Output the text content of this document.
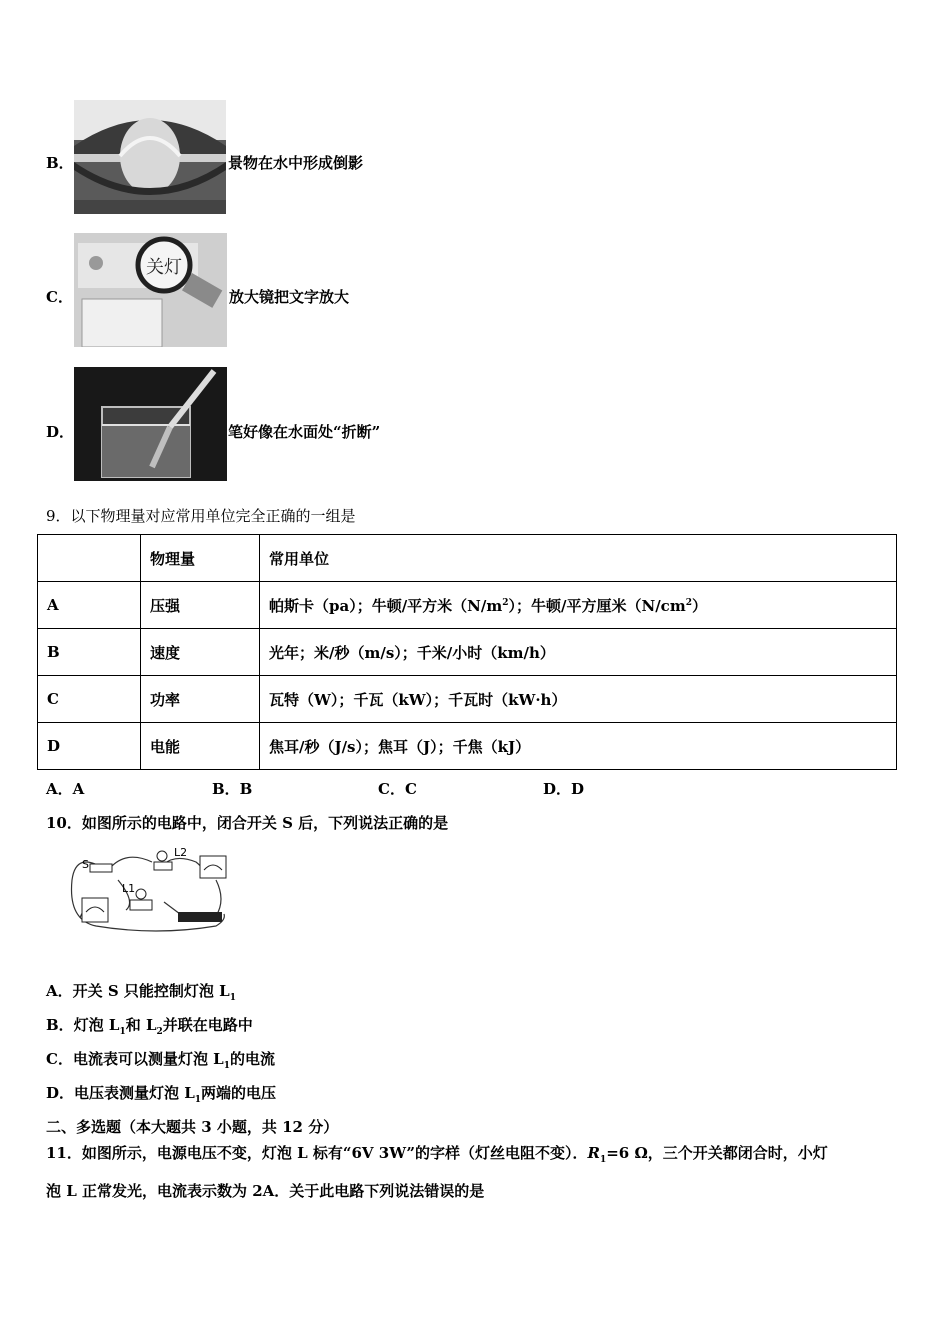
B．	景物在水中形成倒影
C．
关灯
放大镜把文字放大
D．	笔好像在水面处“折断”
9．以下物理量对应常用单位完全正确的一组是
	物理量	常用单位
A	压强	帕斯卡（pa）；牛顿/平方米$(N/m^2)$；牛顿/平方厘米$(N/cm^2)$
B	速度	光年；米/秒（m/s）；千米/小时（km/h）
C	功率	瓦特（W）；千瓦（kW）；千瓦时（kW·h）
D	电能	焦耳/秒（J/s）；焦耳（J）；千焦（kJ）
A．A	B．B	C．C	D．D
10．如图所示的电路中，闭合开关 S 后，下列说法正确的是
S
L2
L1
A．开关 S 只能控制灯泡 $L_1$
B．灯泡 $L_1$和 $L_2$并联在电路中
C．电流表可以测量灯泡 $L_1$的电流
D．电压表测量灯泡 $L_1$两端的电压
二、多选题（本大题共 3 小题，共 12 分）
11．如图所示，电源电压不变，灯泡 L 标有“6V 3W”的字样（灯丝电阻不变）．$R_1=6$ Ω，三个开关都闭合时，小灯
泡 L 正常发光，电流表示数为 2A．关于此电路下列说法错误的是
